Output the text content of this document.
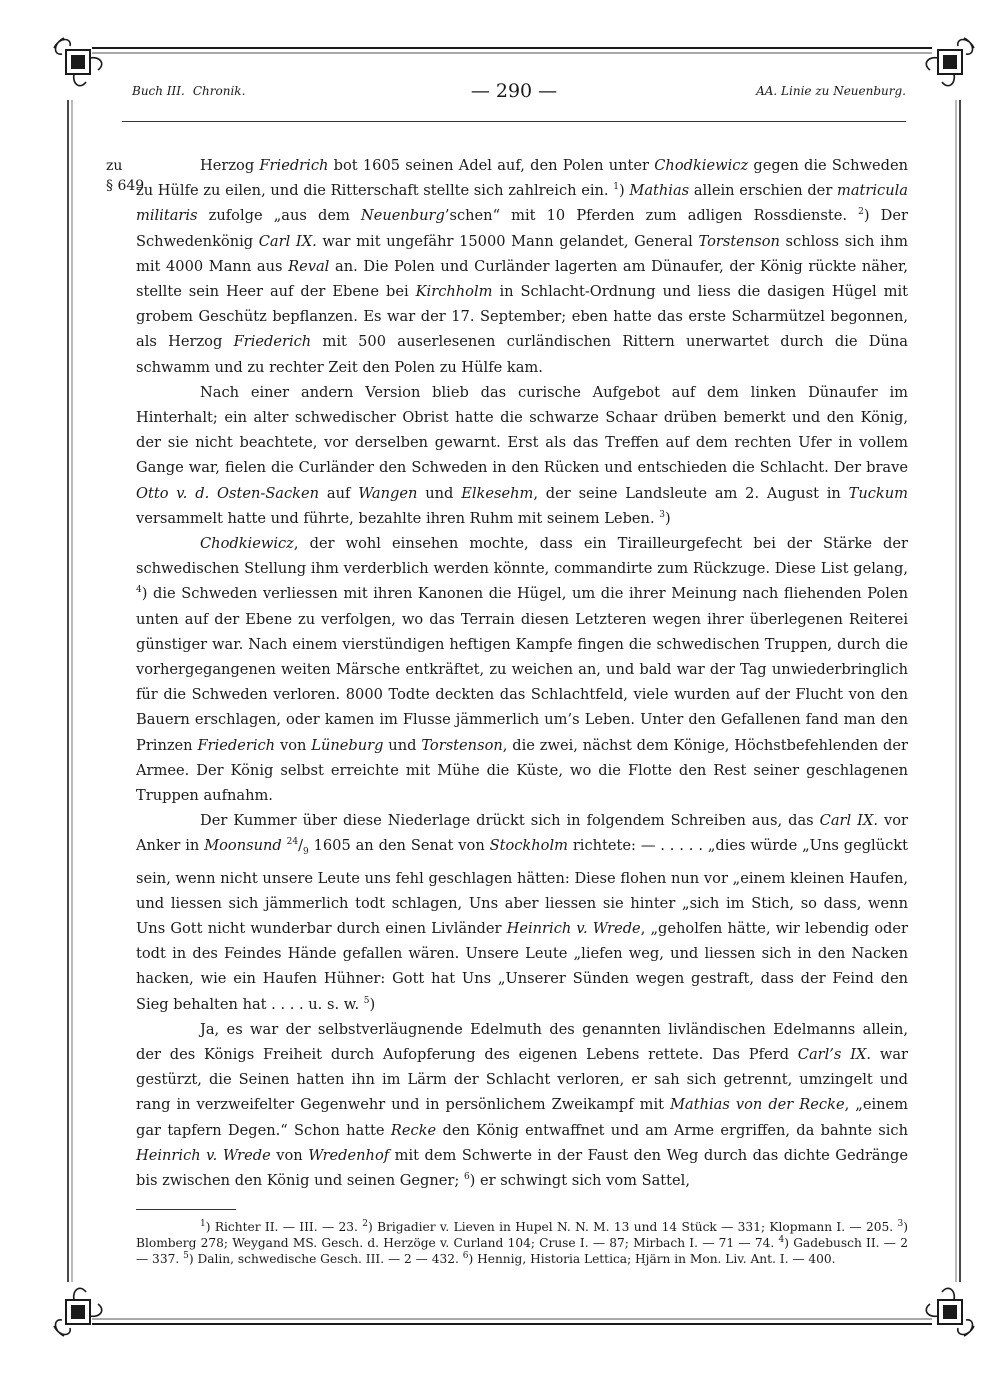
Buch III. Chronik.	— 290 —	AA. Linie zu Neuenburg.
zu
§ 649

Herzog Friedrich bot 1605 seinen Adel auf, den Polen unter Chodkiewicz gegen die Schweden zu Hülfe zu eilen, und die Ritterschaft stellte sich zahlreich ein. $^1$) Mathias allein erschien der matricula militaris zufolge „aus dem Neuenburg’schen“ mit 10 Pferden zum adligen Rossdienste. $^2$) Der Schwedenkönig Carl IX. war mit ungefähr 15000 Mann gelandet, General Torstenson schloss sich ihm mit 4000 Mann aus Reval an. Die Polen und Curländer lagerten am Dünaufer, der König rückte näher, stellte sein Heer auf der Ebene bei Kirchholm in Schlacht-Ordnung und liess die dasigen Hügel mit grobem Geschütz bepflanzen. Es war der 17. September; eben hatte das erste Scharmützel begonnen, als Herzog Friederich mit 500 auserlesenen curländischen Rittern unerwartet durch die Düna schwamm und zu rechter Zeit den Polen zu Hülfe kam.

Nach einer andern Version blieb das curische Aufgebot auf dem linken Dünaufer im Hinterhalt; ein alter schwedischer Obrist hatte die schwarze Schaar drüben bemerkt und den König, der sie nicht beachtete, vor derselben gewarnt. Erst als das Treffen auf dem rechten Ufer in vollem Gange war, fielen die Curländer den Schweden in den Rücken und entschieden die Schlacht. Der brave Otto v. d. Osten-Sacken auf Wangen und Elkesehm, der seine Landsleute am 2. August in Tuckum versammelt hatte und führte, bezahlte ihren Ruhm mit seinem Leben. $^3$)

Chodkiewicz, der wohl einsehen mochte, dass ein Tirailleurgefecht bei der Stärke der schwedischen Stellung ihm verderblich werden könnte, commandirte zum Rückzuge. Diese List gelang, $^4$) die Schweden verliessen mit ihren Kanonen die Hügel, um die ihrer Meinung nach fliehenden Polen unten auf der Ebene zu verfolgen, wo das Terrain diesen Letzteren wegen ihrer überlegenen Reiterei günstiger war. Nach einem vierstündigen heftigen Kampfe fingen die schwedischen Truppen, durch die vorhergegangenen weiten Märsche entkräftet, zu weichen an, und bald war der Tag unwiederbringlich für die Schweden verloren. 8000 Todte deckten das Schlachtfeld, viele wurden auf der Flucht von den Bauern erschlagen, oder kamen im Flusse jämmerlich um’s Leben. Unter den Gefallenen fand man den Prinzen Friederich von Lüneburg und Torstenson, die zwei, nächst dem Könige, Höchstbefehlenden der Armee. Der König selbst erreichte mit Mühe die Küste, wo die Flotte den Rest seiner geschlagenen Truppen aufnahm.

Der Kummer über diese Niederlage drückt sich in folgendem Schreiben aus, das Carl IX. vor Anker in Moonsund $^{24}/_9$ 1605 an den Senat von Stockholm richtete: — . . . . . „dies würde „Uns geglückt sein, wenn nicht unsere Leute uns fehl geschlagen hätten: Diese flohen nun vor „einem kleinen Haufen, und liessen sich jämmerlich todt schlagen, Uns aber liessen sie hinter „sich im Stich, so dass, wenn Uns Gott nicht wunderbar durch einen Livländer Heinrich v. Wrede, „geholfen hätte, wir lebendig oder todt in des Feindes Hände gefallen wären. Unsere Leute „liefen weg, und liessen sich in den Nacken hacken, wie ein Haufen Hühner: Gott hat Uns „Unserer Sünden wegen gestraft, dass der Feind den Sieg behalten hat . . . . u. s. w. $^5$)

Ja, es war der selbstverläugnende Edelmuth des genannten livländischen Edelmanns allein, der des Königs Freiheit durch Aufopferung des eigenen Lebens rettete. Das Pferd Carl’s IX. war gestürzt, die Seinen hatten ihn im Lärm der Schlacht verloren, er sah sich getrennt, umzingelt und rang in verzweifelter Gegenwehr und in persönlichem Zweikampf mit Mathias von der Recke, „einem gar tapfern Degen.“ Schon hatte Recke den König entwaffnet und am Arme ergriffen, da bahnte sich Heinrich v. Wrede von Wredenhof mit dem Schwerte in der Faust den Weg durch das dichte Gedränge bis zwischen den König und seinen Gegner; $^6$) er schwingt sich vom Sattel,

$^1$) Richter II. — III. — 23. $^2$) Brigadier v. Lieven in Hupel N. N. M. 13 und 14 Stück — 331; Klopmann I. — 205. $^3$) Blomberg 278; Weygand MS. Gesch. d. Herzöge v. Curland 104; Cruse I. — 87; Mirbach I. — 71 — 74. $^4$) Gadebusch II. — 2 — 337. $^5$) Dalin, schwedische Gesch. III. — 2 — 432. $^6$) Hennig, Historia Lettica; Hjärn in Mon. Liv. Ant. I. — 400.
